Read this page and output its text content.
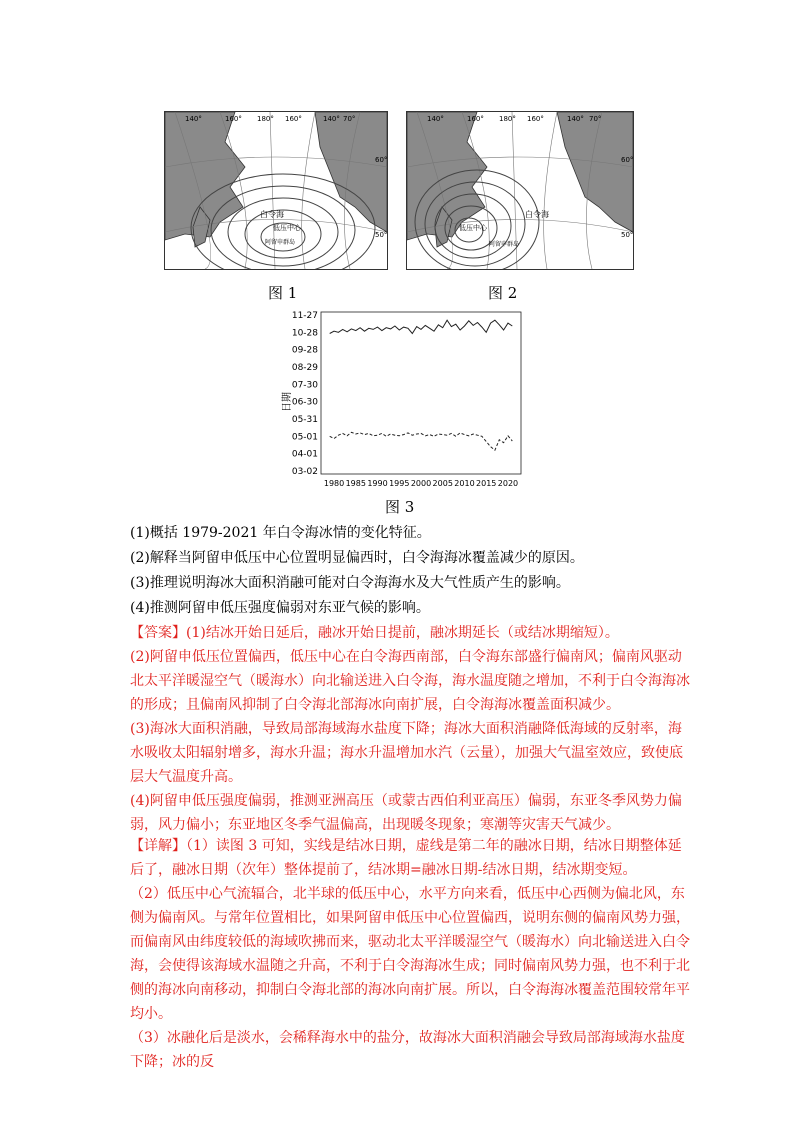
140°	160° 180° 160°	140° 70°
60°
50°
白令海
低压中心
阿留申群岛
图 1
140°	160° 180° 160°	140° 70°
60°
50°
白令海
低压中心
阿留申群岛
图 2
日期
11-27
10-28
09-28
08-29
07-30
06-30
05-31
05-01
04-01
03-02
1980 1985 1990 1995 2000 2005 2010 2015 2020
图 3
(1)概括 1979-2021 年白令海冰情的变化特征。
(2)解释当阿留申低压中心位置明显偏西时，白令海海冰覆盖减少的原因。
(3)推理说明海冰大面积消融可能对白令海海水及大气性质产生的影响。
(4)推测阿留申低压强度偏弱对东亚气候的影响。

【答案】(1)结冰开始日延后，融冰开始日提前，融冰期延长（或结冰期缩短）。

(2)阿留申低压位置偏西，低压中心在白令海西南部，白令海东部盛行偏南风；偏南风驱动北太平洋暖湿空气（暖海水）向北输送进入白令海，海水温度随之增加，不利于白令海海冰的形成；且偏南风抑制了白令海北部海冰向南扩展，白令海海冰覆盖面积减少。

(3)海冰大面积消融，导致局部海域海水盐度下降；海冰大面积消融降低海域的反射率，海水吸收太阳辐射增多，海水升温；海水升温增加水汽（云量），加强大气温室效应，致使底层大气温度升高。

(4)阿留申低压强度偏弱，推测亚洲高压（或蒙古西伯利亚高压）偏弱，东亚冬季风势力偏弱，风力偏小；东亚地区冬季气温偏高，出现暖冬现象；寒潮等灾害天气减少。

【详解】（1）读图 3 可知，实线是结冰日期，虚线是第二年的融冰日期，结冰日期整体延后了，融冰日期（次年）整体提前了，结冰期=融冰日期-结冰日期，结冰期变短。

（2）低压中心气流辐合，北半球的低压中心，水平方向来看，低压中心西侧为偏北风，东侧为偏南风。与常年位置相比，如果阿留申低压中心位置偏西，说明东侧的偏南风势力强，而偏南风由纬度较低的海域吹拂而来，驱动北太平洋暖湿空气（暖海水）向北输送进入白令海，会使得该海域水温随之升高，不利于白令海海冰生成；同时偏南风势力强，也不利于北侧的海冰向南移动，抑制白令海北部的海冰向南扩展。所以，白令海海冰覆盖范围较常年平均小。

（3）冰融化后是淡水，会稀释海水中的盐分，故海冰大面积消融会导致局部海域海水盐度下降；冰的反
